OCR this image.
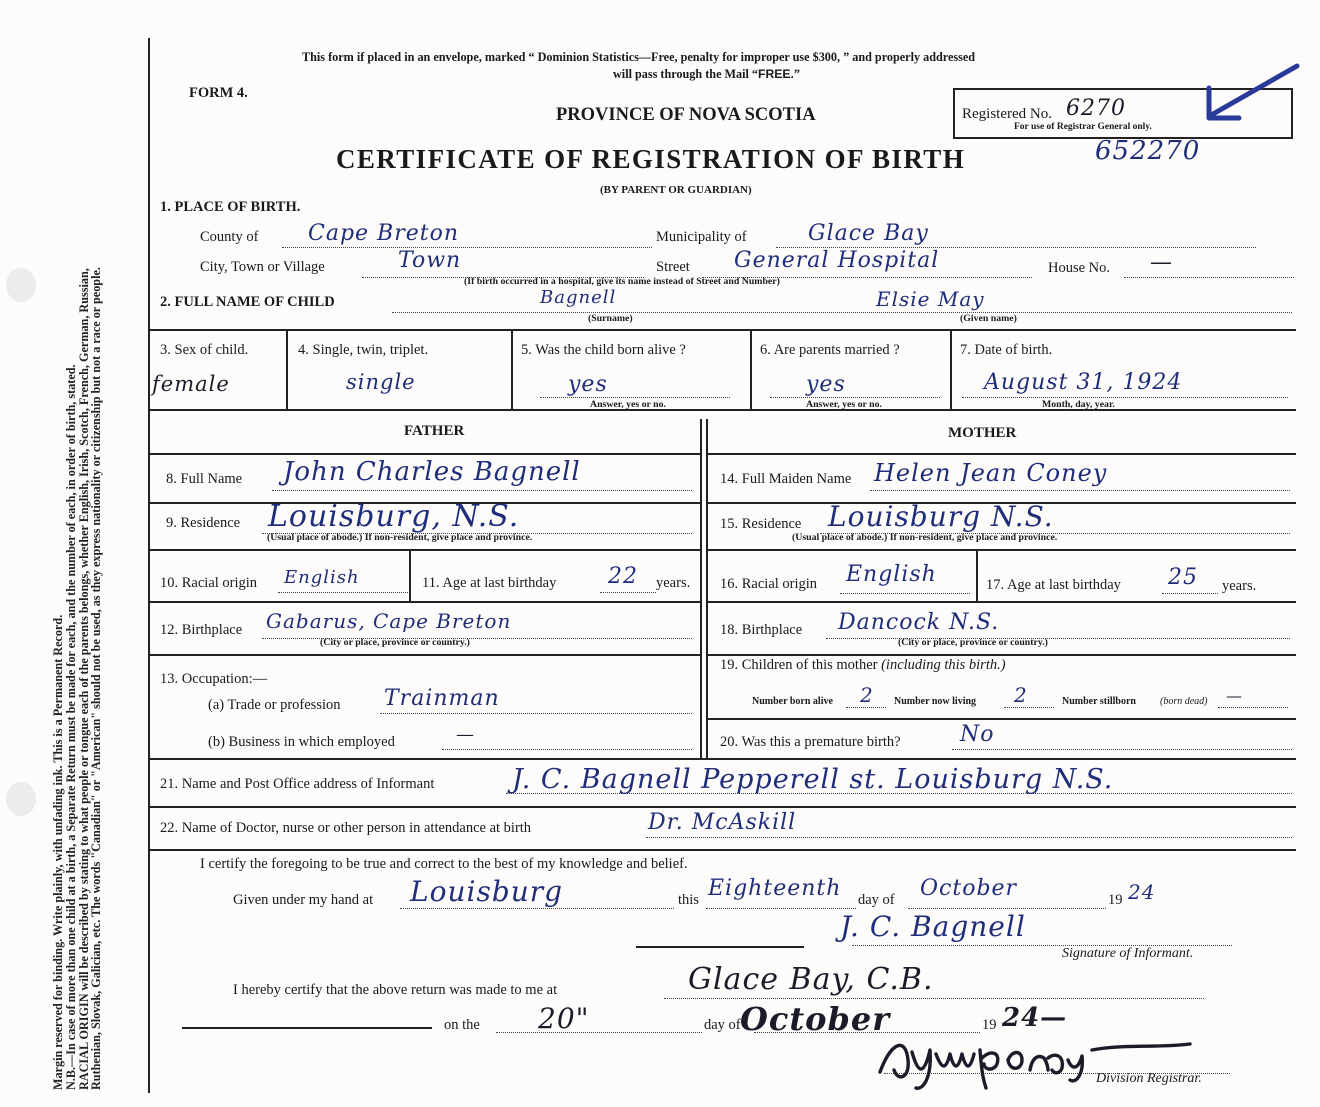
Margin reserved for binding. Write plainly, with unfading ink. This is a Permanent Record.
N.B.—In case of more than one child at a birth, a Separate Return must be made for each, and the number of each, in order of birth, stated.
RACIAL ORIGIN will be described by stating to what people or tongue each of the parents belongs, whether English, Irish, Scotch, French, German, Russian,
Ruthenian, Slovak, Galician, etc. The words "Canadian" or "American" should not be used, as they express nationality or citizenship but not a race or people.
This form if placed in an envelope, marked “ Dominion Statistics—Free, penalty for improper use $300, ” and properly addressed
will pass through the Mail “FREE.”
FORM 4.
PROVINCE OF NOVA SCOTIA
CERTIFICATE OF REGISTRATION OF BIRTH
(BY PARENT OR GUARDIAN)
Registered No. 6270
For use of Registrar General only.
652270
1. PLACE OF BIRTH.
County of Cape Breton	Municipality of	Glace Bay
City, Town or Village	Town	Street General Hospital	House No. —
(If birth occurred in a hospital, give its name instead of Street and Number)
2. FULL NAME OF CHILD	Bagnell
(Surname)
Elsie May
(Given name)
3. Sex of child.
female
4. Single, twin, triplet.
single
5. Was the child born alive ?
yes
Answer, yes or no.
6. Are parents married ?
yes
Answer, yes or no.
7. Date of birth.
August 31, 1924
Month, day, year.
FATHER	MOTHER
8. Full Name John Charles Bagnell
9. Residence Louisburg, N.S.
(Usual place of abode.) If non-resident, give place and province.
10. Racial origin English	11. Age at last birthday 22 years.
12. Birthplace Gabarus, Cape Breton
(City or place, province or country.)
13. Occupation:—
(a) Trade or profession Trainman
(b) Business in which employed	—
14. Full Maiden Name Helen Jean Coney
15. Residence Louisburg N.S.
(Usual place of abode.) If non-resident, give place and province.
16. Racial origin English	17. Age at last birthday 25 years.
18. Birthplace Dancock N.S.
(City or place, province or country.)
19. Children of this mother (including this birth.)
Number born alive 2 Number now living 2	Number stillborn (born dead) —
20. Was this a premature birth?	No
21. Name and Post Office address of Informant	J. C. Bagnell Pepperell st. Louisburg N.S.
22. Name of Doctor, nurse or other person in attendance at birth	Dr. McAskill
I certify the foregoing to be true and correct to the best of my knowledge and belief.
Given under my hand at Louisburg	this Eighteenth day of October	19 24
J. C. Bagnell
Signature of Informant.
I hereby certify that the above return was made to me at	Glace Bay, C.B.
on the 20"	day of October	19 24—
Division Registrar.
